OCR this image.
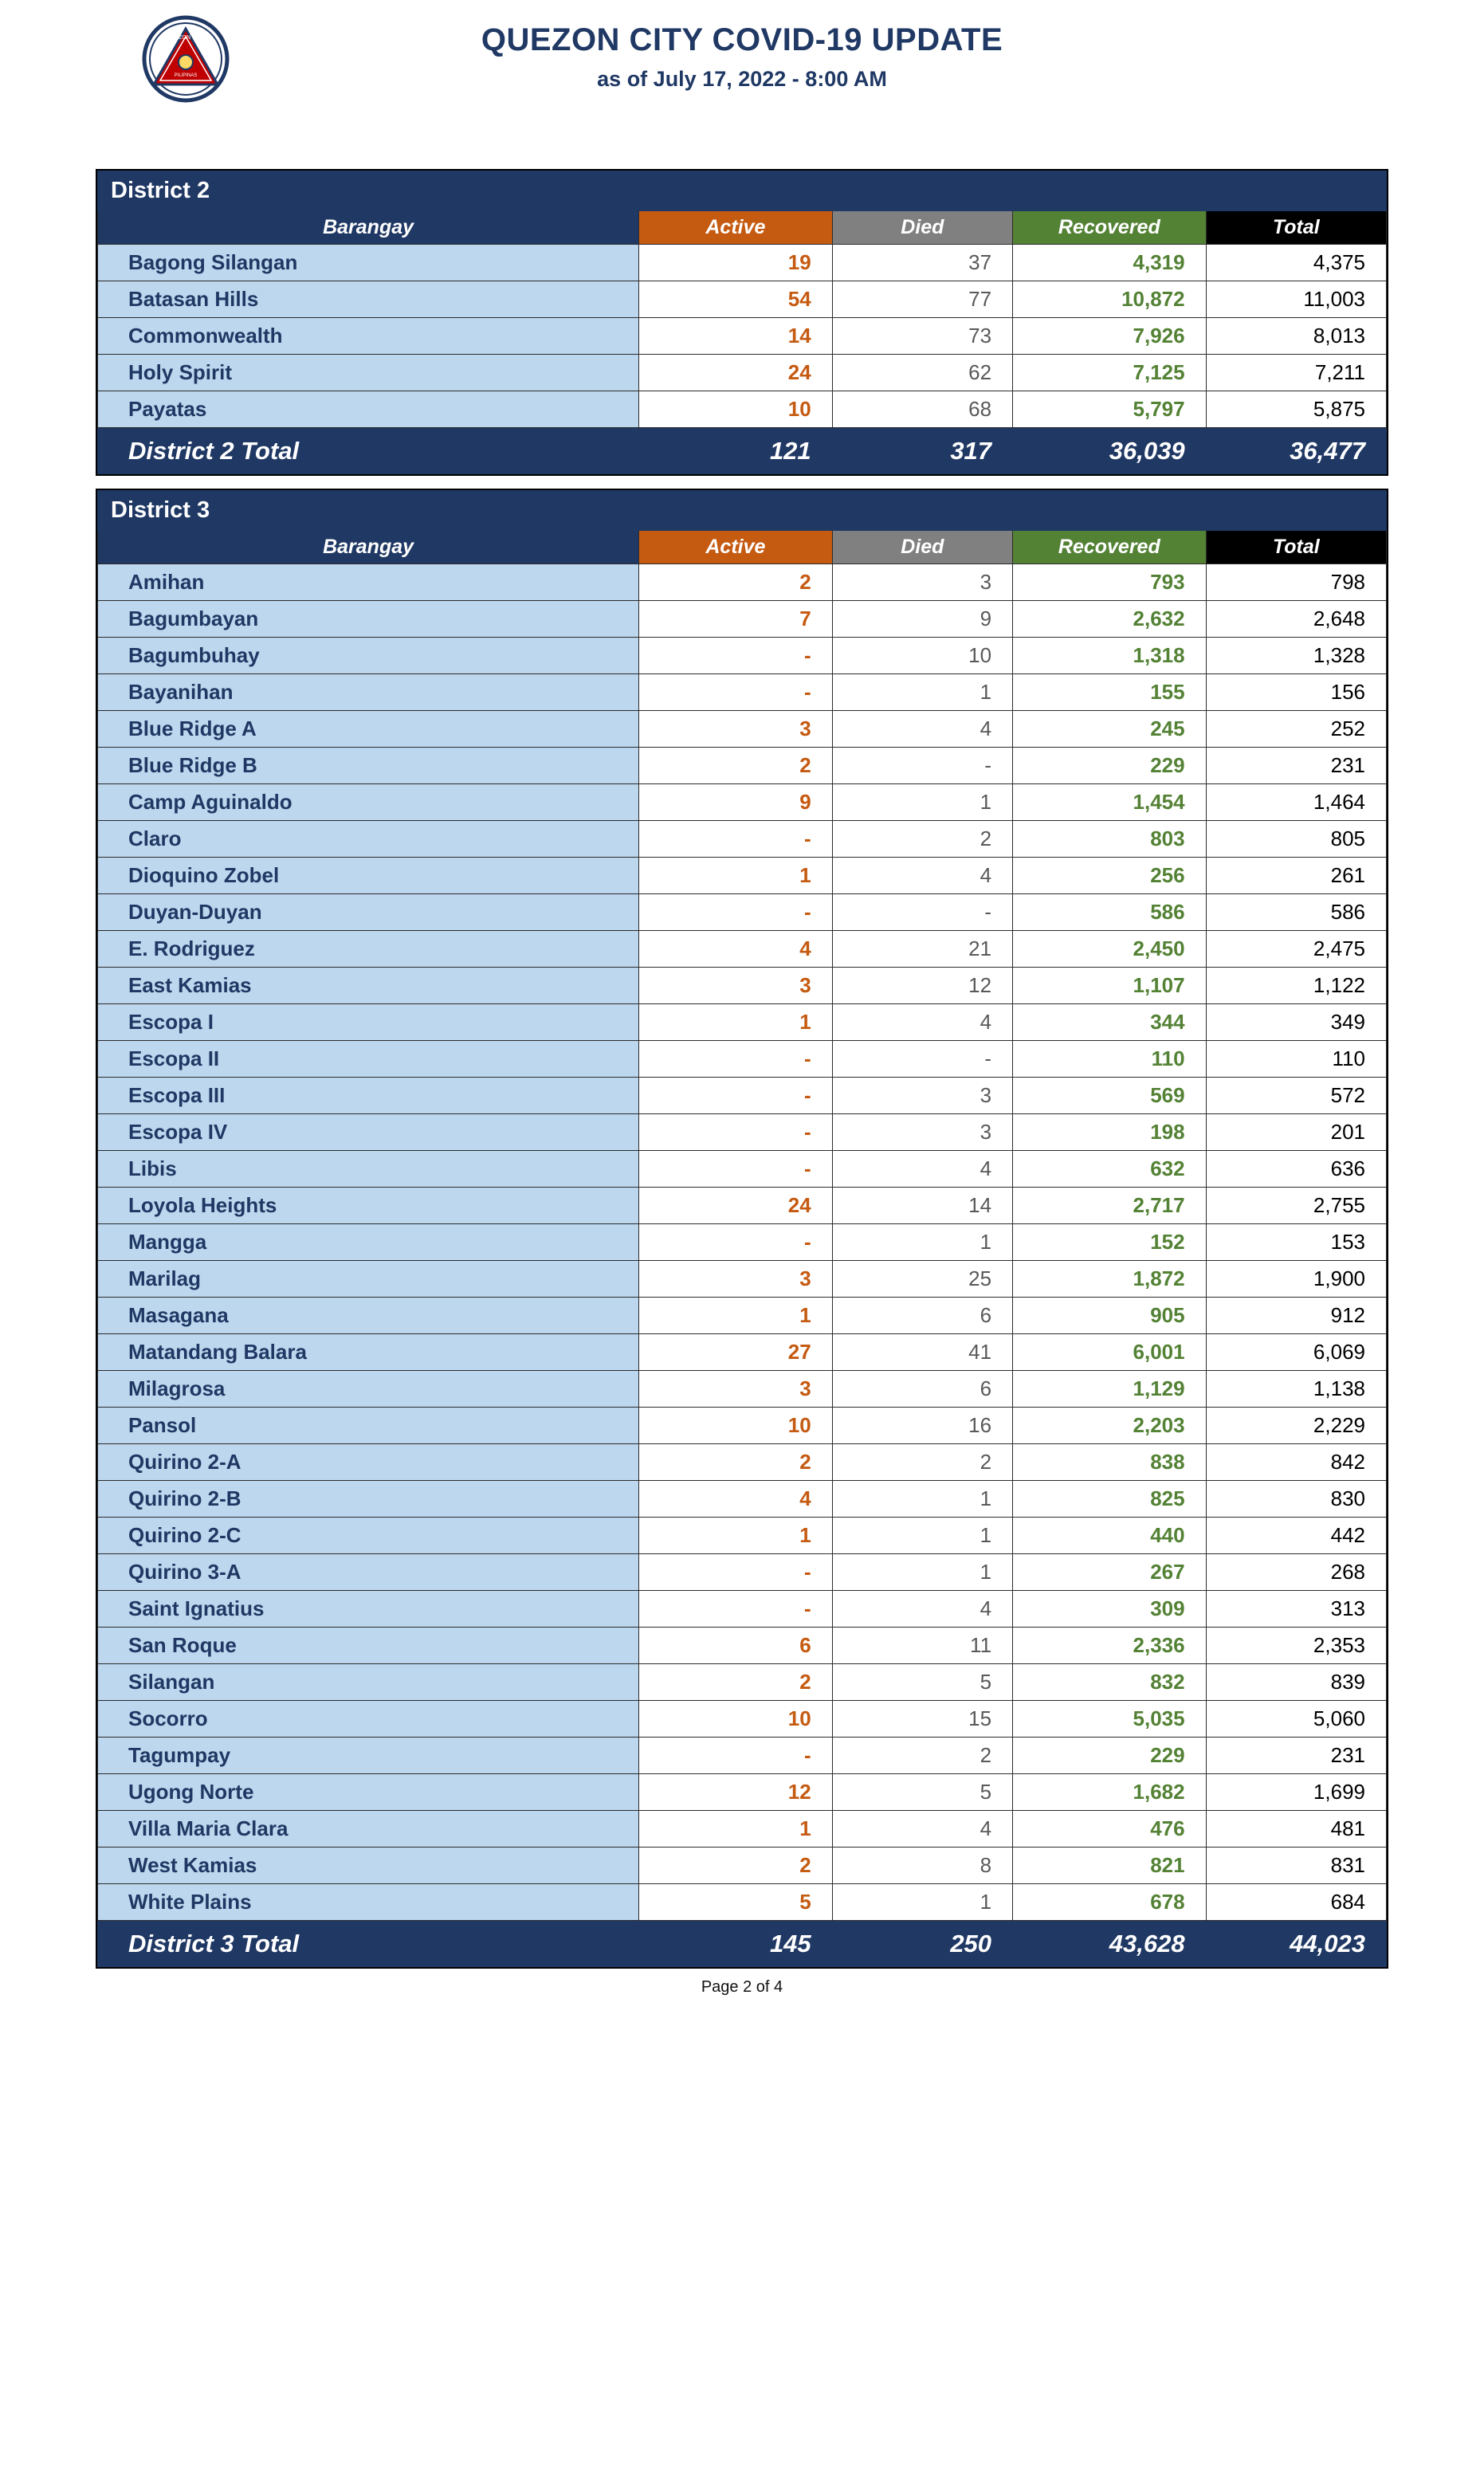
QUEZON CITY
PILIPINAS
QUEZON CITY COVID-19 UPDATE
as of July 17, 2022 - 8:00 AM
District 2				
Barangay	Active	Died	Recovered	Total
Bagong Silangan	19	37	4,319	4,375
Batasan Hills	54	77	10,872	11,003
Commonwealth	14	73	7,926	8,013
Holy Spirit	24	62	7,125	7,211
Payatas	10	68	5,797	5,875
District 2 Total	121	317	36,039	36,477
District 3				
Barangay	Active	Died	Recovered	Total
Amihan	2	3	793	798
Bagumbayan	7	9	2,632	2,648
Bagumbuhay	-	10	1,318	1,328
Bayanihan	-	1	155	156
Blue Ridge A	3	4	245	252
Blue Ridge B	2	-	229	231
Camp Aguinaldo	9	1	1,454	1,464
Claro	-	2	803	805
Dioquino Zobel	1	4	256	261
Duyan-Duyan	-	-	586	586
E. Rodriguez	4	21	2,450	2,475
East Kamias	3	12	1,107	1,122
Escopa I	1	4	344	349
Escopa II	-	-	110	110
Escopa III	-	3	569	572
Escopa IV	-	3	198	201
Libis	-	4	632	636
Loyola Heights	24	14	2,717	2,755
Mangga	-	1	152	153
Marilag	3	25	1,872	1,900
Masagana	1	6	905	912
Matandang Balara	27	41	6,001	6,069
Milagrosa	3	6	1,129	1,138
Pansol	10	16	2,203	2,229
Quirino 2-A	2	2	838	842
Quirino 2-B	4	1	825	830
Quirino 2-C	1	1	440	442
Quirino 3-A	-	1	267	268
Saint Ignatius	-	4	309	313
San Roque	6	11	2,336	2,353
Silangan	2	5	832	839
Socorro	10	15	5,035	5,060
Tagumpay	-	2	229	231
Ugong Norte	12	5	1,682	1,699
Villa Maria Clara	1	4	476	481
West Kamias	2	8	821	831
White Plains	5	1	678	684
District 3 Total	145	250	43,628	44,023
Page 2 of 4
